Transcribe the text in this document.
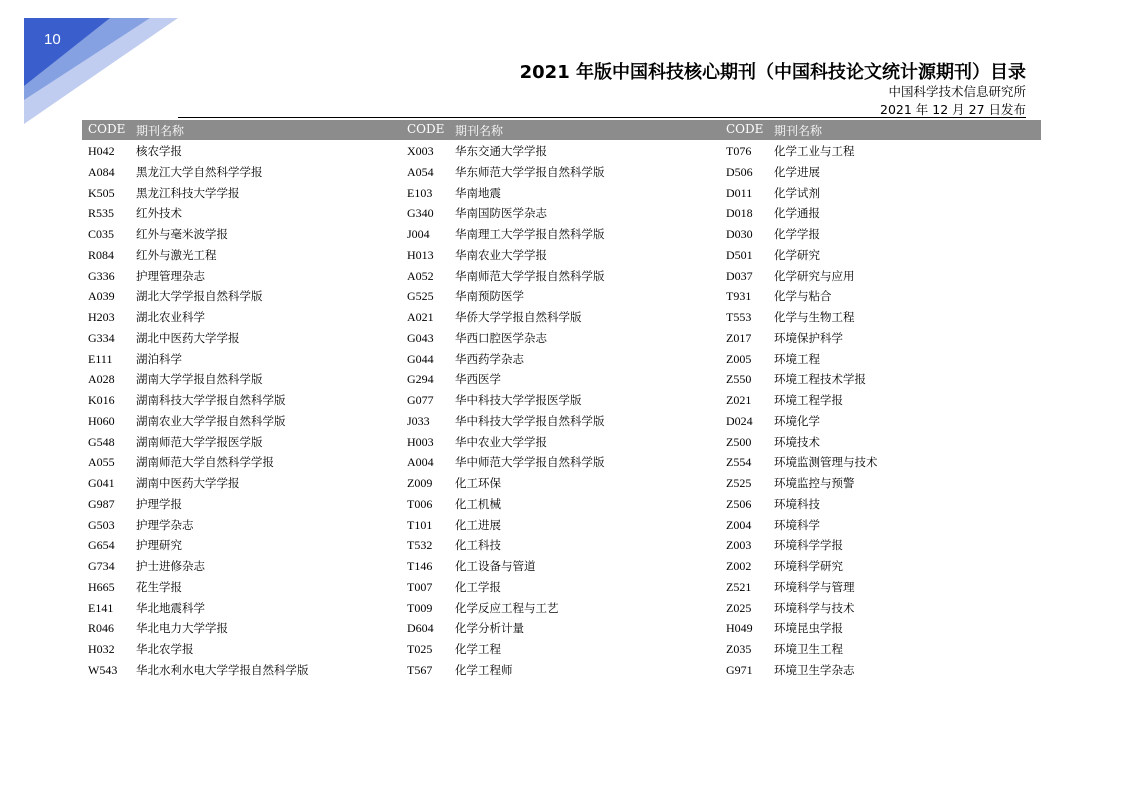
10
2021 年版中国科技核心期刊（中国科技论文统计源期刊）目录
中国科学技术信息研究所
2021 年 12 月 27 日发布
CODE 期刊名称	CODE 期刊名称	CODE 期刊名称
H042 核农学报
A084 黑龙江大学自然科学学报
K505 黑龙江科技大学学报
R535 红外技术
C035 红外与毫米波学报
R084 红外与激光工程
G336 护理管理杂志
A039 湖北大学学报自然科学版
H203 湖北农业科学
G334 湖北中医药大学学报
E111 湖泊科学
A028 湖南大学学报自然科学版
K016 湖南科技大学学报自然科学版
H060 湖南农业大学学报自然科学版
G548 湖南师范大学学报医学版
A055 湖南师范大学自然科学学报
G041 湖南中医药大学学报
G987 护理学报
G503 护理学杂志
G654 护理研究
G734 护士进修杂志
H665 花生学报
E141 华北地震科学
R046 华北电力大学学报
H032 华北农学报
W543 华北水利水电大学学报自然科学版
X003 华东交通大学学报
A054 华东师范大学学报自然科学版
E103 华南地震
G340 华南国防医学杂志
J004 华南理工大学学报自然科学版
H013 华南农业大学学报
A052 华南师范大学学报自然科学版
G525 华南预防医学
A021 华侨大学学报自然科学版
G043 华西口腔医学杂志
G044 华西药学杂志
G294 华西医学
G077 华中科技大学学报医学版
J033 华中科技大学学报自然科学版
H003 华中农业大学学报
A004 华中师范大学学报自然科学版
Z009 化工环保
T006 化工机械
T101 化工进展
T532 化工科技
T146 化工设备与管道
T007 化工学报
T009 化学反应工程与工艺
D604 化学分析计量
T025 化学工程
T567 化学工程师
T076 化学工业与工程
D506 化学进展
D011 化学试剂
D018 化学通报
D030 化学学报
D501 化学研究
D037 化学研究与应用
T931 化学与粘合
T553 化学与生物工程
Z017 环境保护科学
Z005 环境工程
Z550 环境工程技术学报
Z021 环境工程学报
D024 环境化学
Z500 环境技术
Z554 环境监测管理与技术
Z525 环境监控与预警
Z506 环境科技
Z004 环境科学
Z003 环境科学学报
Z002 环境科学研究
Z521 环境科学与管理
Z025 环境科学与技术
H049 环境昆虫学报
Z035 环境卫生工程
G971 环境卫生学杂志
